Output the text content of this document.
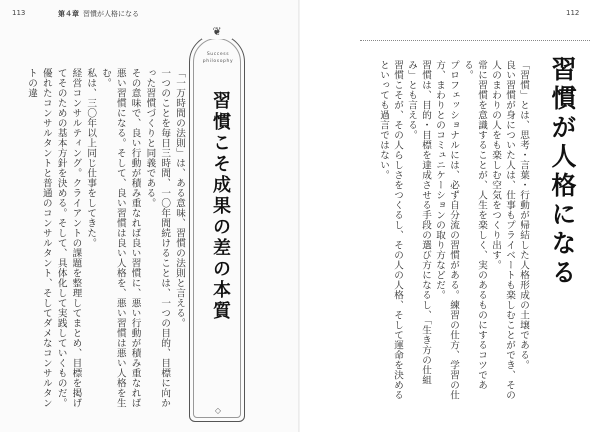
113	第４章 習慣が人格になる

「一万時間の法則」は、ある意味、習慣の法則と言える。

一つのことを毎日三時間、一〇年間続けることは、一つの目的、目標に向かった習慣づくりと同義である。

その意味で、良い行動が積み重なれば良い習慣に、悪い行動が積み重なれば悪い習慣になる。そして、良い習慣は良い人格を、悪い習慣は悪い人格を生む。

私は、三〇年以上同じ仕事をしてきた。

経営コンサルティング。クライアントの課題を整理してまとめ、目標を掲げてそのための基本方針を決める。そして、具体化して実践していくものだ。

優れたコンサルタントと普通のコンサルタント、そしてダメなコンサルタントの違

❦
Success
philosophy
習慣こそ成果の差の本質
◇
112
習慣が人格になる

「習慣」とは、思考・言葉・行動が帰結した人格形成の土壌である。

良い習慣が身についた人は、仕事もプライベートも楽しむことができ、その人のまわりの人をも楽しむ空気をつくり出す。

常に習慣を意識することが、人生を楽しく、実のあるものにするコツである。

プロフェッショナルには、必ず自分流の習慣がある。練習の仕方、学習の仕方、まわりとのコミュニケーションの取り方などだ。

習慣は、目的・目標を達成させる手段の選び方になるし、「生き方の仕組み」とも言える。

習慣こそが、その人らしさをつくるし、その人の人格、そして運命を決めるといっても過言ではない。
